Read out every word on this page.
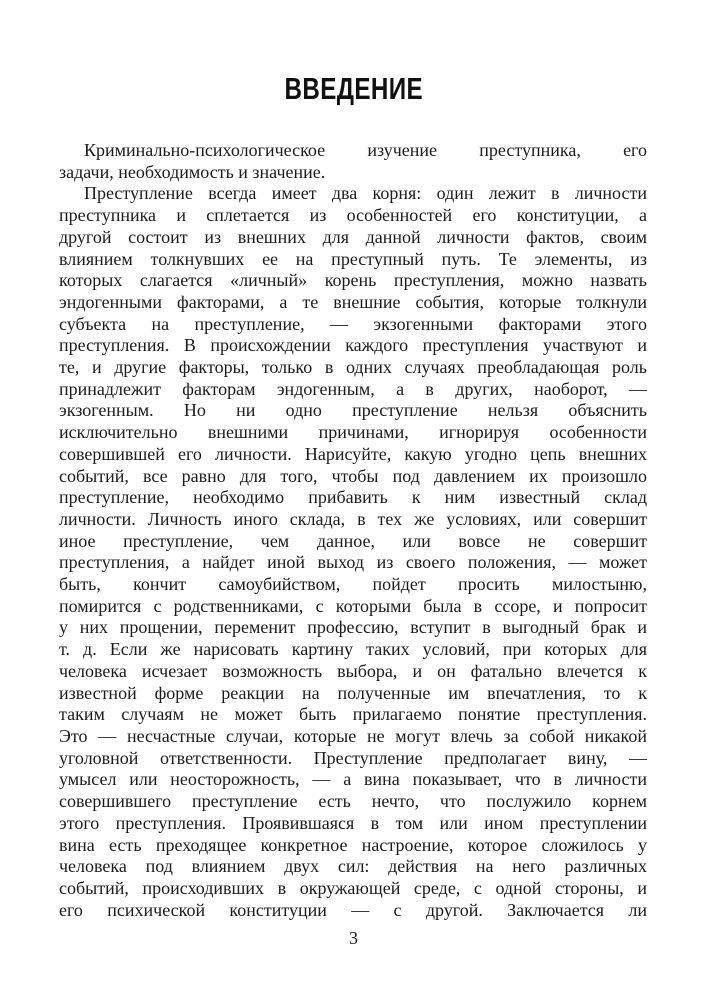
ВВЕДЕНИЕ
Криминально-психологическое изучение преступника, его
задачи, необходимость и значение.
Преступление всегда имеет два корня: один лежит в личности
преступника и сплетается из особенностей его конституции, а
другой состоит из внешних для данной личности фактов, своим
влиянием толкнувших ее на преступный путь. Те элементы, из
которых слагается «личный» корень преступления, можно назвать
эндогенными факторами, а те внешние события, которые толкнули
субъекта на преступление, — экзогенными факторами этого
преступления. В происхождении каждого преступления участвуют и
те, и другие факторы, только в одних случаях преобладающая роль
принадлежит факторам эндогенным, а в других, наоборот, —
экзогенным. Но ни одно преступление нельзя объяснить
исключительно внешними причинами, игнорируя особенности
совершившей его личности. Нарисуйте, какую угодно цепь внешних
событий, все равно для того, чтобы под давлением их произошло
преступление, необходимо прибавить к ним известный склад
личности. Личность иного склада, в тех же условиях, или совершит
иное преступление, чем данное, или вовсе не совершит
преступления, а найдет иной выход из своего положения, — может
быть, кончит самоубийством, пойдет просить милостыню,
помирится с родственниками, с которыми была в ссоре, и попросит
у них прощении, переменит профессию, вступит в выгодный брак и
т. д. Если же нарисовать картину таких условий, при которых для
человека исчезает возможность выбора, и он фатально влечется к
известной форме реакции на полученные им впечатления, то к
таким случаям не может быть прилагаемо понятие преступления.
Это — несчастные случаи, которые не могут влечь за собой никакой
уголовной ответственности. Преступление предполагает вину, —
умысел или неосторожность, — а вина показывает, что в личности
совершившего преступление есть нечто, что послужило корнем
этого преступления. Проявившаяся в том или ином преступлении
вина есть преходящее конкретное настроение, которое сложилось у
человека под влиянием двух сил: действия на него различных
событий, происходивших в окружающей среде, с одной стороны, и
его психической конституции — с другой. Заключается ли
3
